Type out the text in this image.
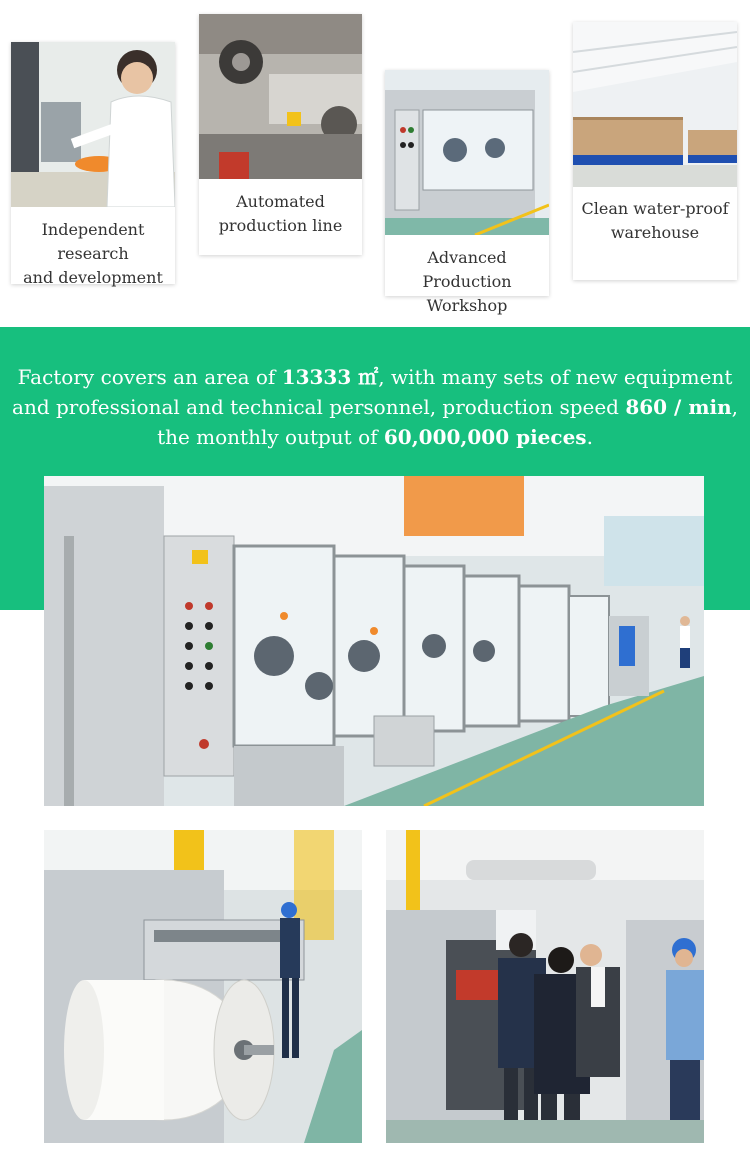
Independent research
and development
Automated
production line
Advanced Production
Workshop
Clean water-proof
warehouse
Factory covers an area of 13333 ㎡, with many sets of new equipment
and professional and technical personnel, production speed 860 / min,
the monthly output of 60,000,000 pieces.
